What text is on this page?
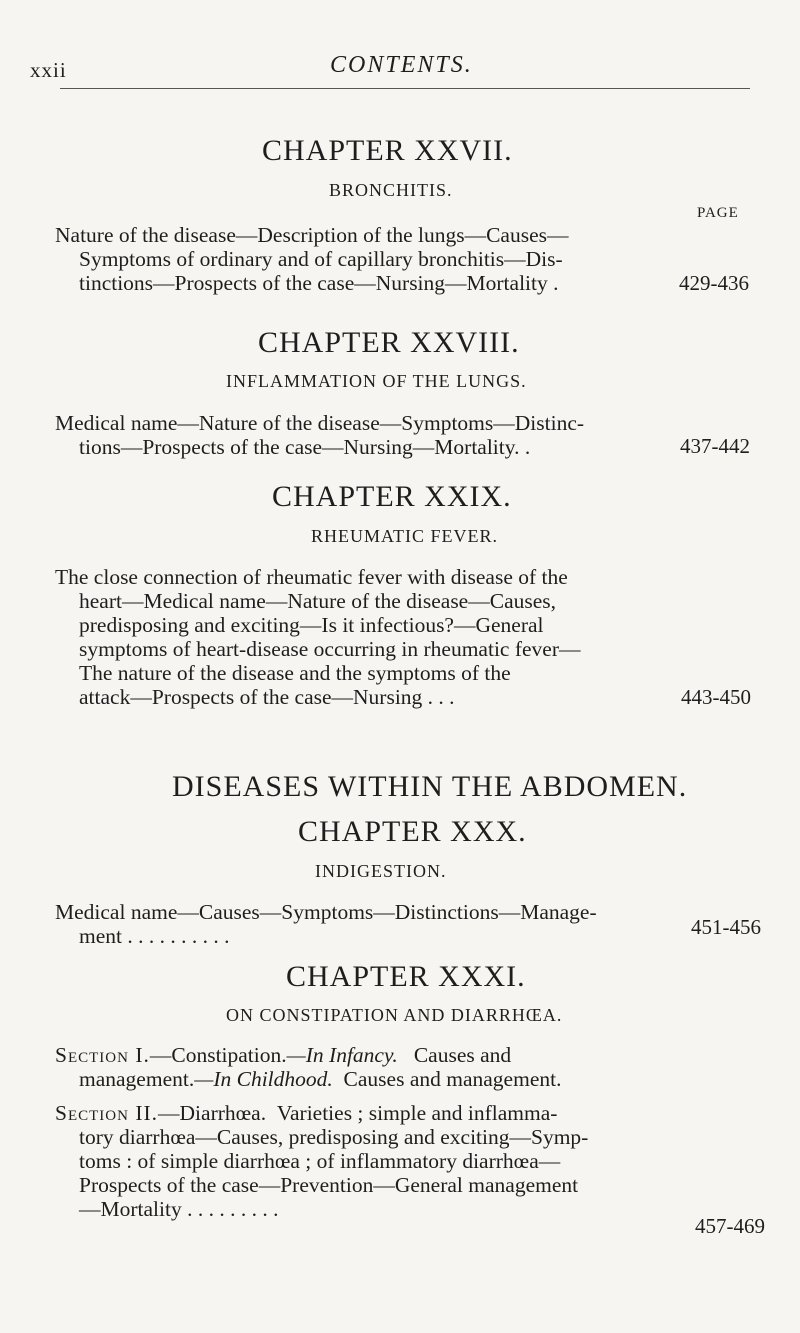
xxii	CONTENTS.
CHAPTER XXVII.
BRONCHITIS.
PAGE
Nature of the disease—Description of the lungs—Causes—
Symptoms of ordinary and of capillary bronchitis—Dis-
tinctions—Prospects of the case—Nursing—Mortality .	429-436
CHAPTER XXVIII.
INFLAMMATION OF THE LUNGS.
Medical name—Nature of the disease—Symptoms—Distinc-
tions—Prospects of the case—Nursing—Mortality. .	437-442
CHAPTER XXIX.
RHEUMATIC FEVER.
The close connection of rheumatic fever with disease of the
heart—Medical name—Nature of the disease—Causes,
predisposing and exciting—Is it infectious?—General
symptoms of heart-disease occurring in rheumatic fever—
The nature of the disease and the symptoms of the
attack—Prospects of the case—Nursing . . .	443-450
DISEASES WITHIN THE ABDOMEN.
CHAPTER XXX.
INDIGESTION.
Medical name—Causes—Symptoms—Distinctions—Manage-
ment . . . . . . . . . .	451-456
CHAPTER XXXI.
ON CONSTIPATION AND DIARRHŒA.
Section I.—Constipation.—In Infancy. Causes and
management.—In Childhood. Causes and management.
Section II.—Diarrhœa. Varieties ; simple and inflamma-
tory diarrhœa—Causes, predisposing and exciting—Symp-
toms : of simple diarrhœa ; of inflammatory diarrhœa—
Prospects of the case—Prevention—General management
—Mortality . . . . . . . . .
457-469
